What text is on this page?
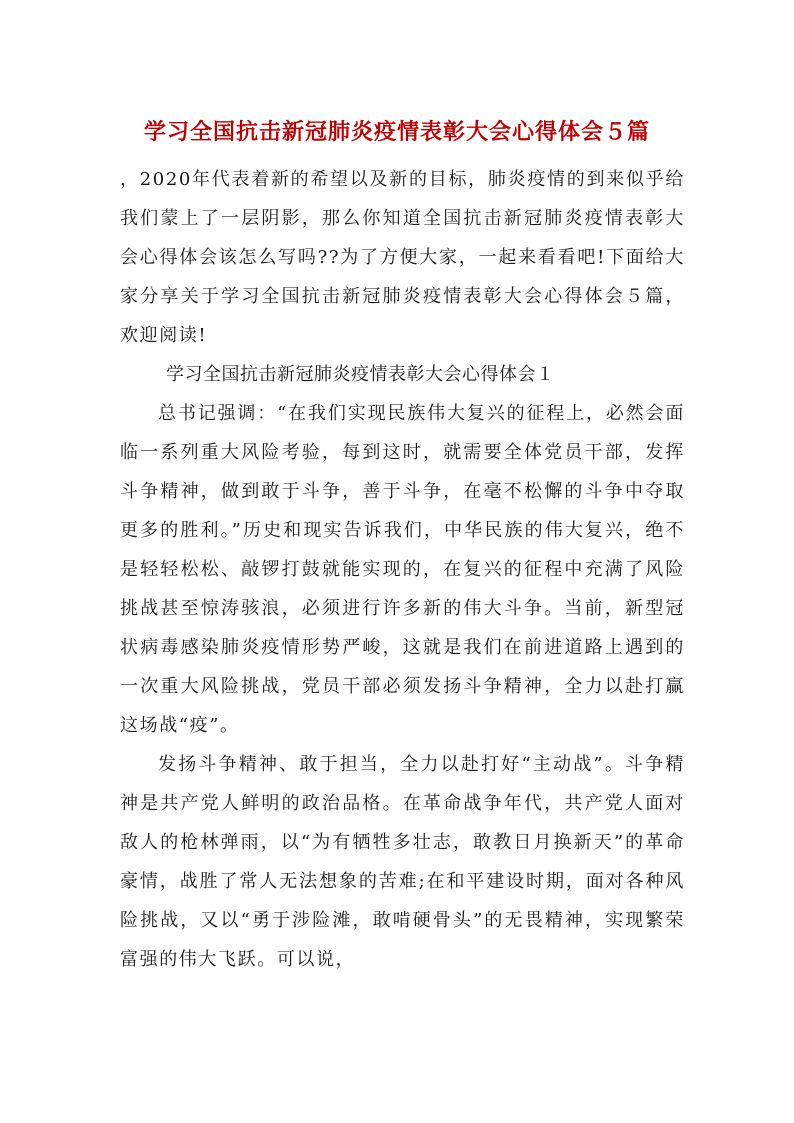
学习全国抗击新冠肺炎疫情表彰大会心得体会５篇

，2020年代表着新的希望以及新的目标，肺炎疫情的到来似乎给我们蒙上了一层阴影，那么你知道全国抗击新冠肺炎疫情表彰大会心得体会该怎么写吗??为了方便大家，一起来看看吧!下面给大家分享关于学习全国抗击新冠肺炎疫情表彰大会心得体会５篇，欢迎阅读!

学习全国抗击新冠肺炎疫情表彰大会心得体会１

总书记强调：“在我们实现民族伟大复兴的征程上，必然会面临一系列重大风险考验，每到这时，就需要全体党员干部，发挥斗争精神，做到敢于斗争，善于斗争，在毫不松懈的斗争中夺取更多的胜利。”历史和现实告诉我们，中华民族的伟大复兴，绝不是轻轻松松、敲锣打鼓就能实现的，在复兴的征程中充满了风险挑战甚至惊涛骇浪，必须进行许多新的伟大斗争。当前，新型冠状病毒感染肺炎疫情形势严峻，这就是我们在前进道路上遇到的一次重大风险挑战，党员干部必须发扬斗争精神，全力以赴打赢这场战“疫”。

发扬斗争精神、敢于担当，全力以赴打好“主动战”。斗争精神是共产党人鲜明的政治品格。在革命战争年代，共产党人面对敌人的枪林弹雨，以“为有牺牲多壮志，敢教日月换新天”的革命豪情，战胜了常人无法想象的苦难;在和平建设时期，面对各种风险挑战，又以“勇于涉险滩，敢啃硬骨头”的无畏精神，实现繁荣富强的伟大飞跃。可以说，
